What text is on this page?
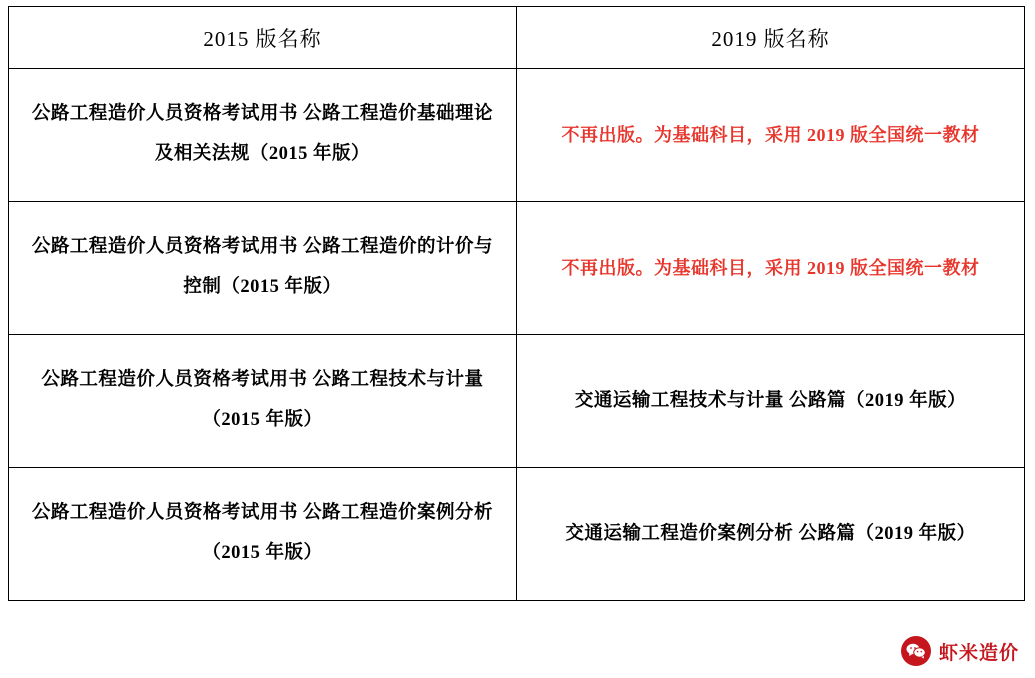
2015 版名称	2019 版名称
公路工程造价人员资格考试用书 公路工程造价基础理论及相关法规（2015 年版）	不再出版。为基础科目，采用 2019 版全国统一教材
公路工程造价人员资格考试用书 公路工程造价的计价与控制（2015 年版）	不再出版。为基础科目，采用 2019 版全国统一教材
公路工程造价人员资格考试用书 公路工程技术与计量（2015 年版）	交通运输工程技术与计量 公路篇（2019 年版）
公路工程造价人员资格考试用书 公路工程造价案例分析（2015 年版）	交通运输工程造价案例分析 公路篇（2019 年版）
虾米造价
